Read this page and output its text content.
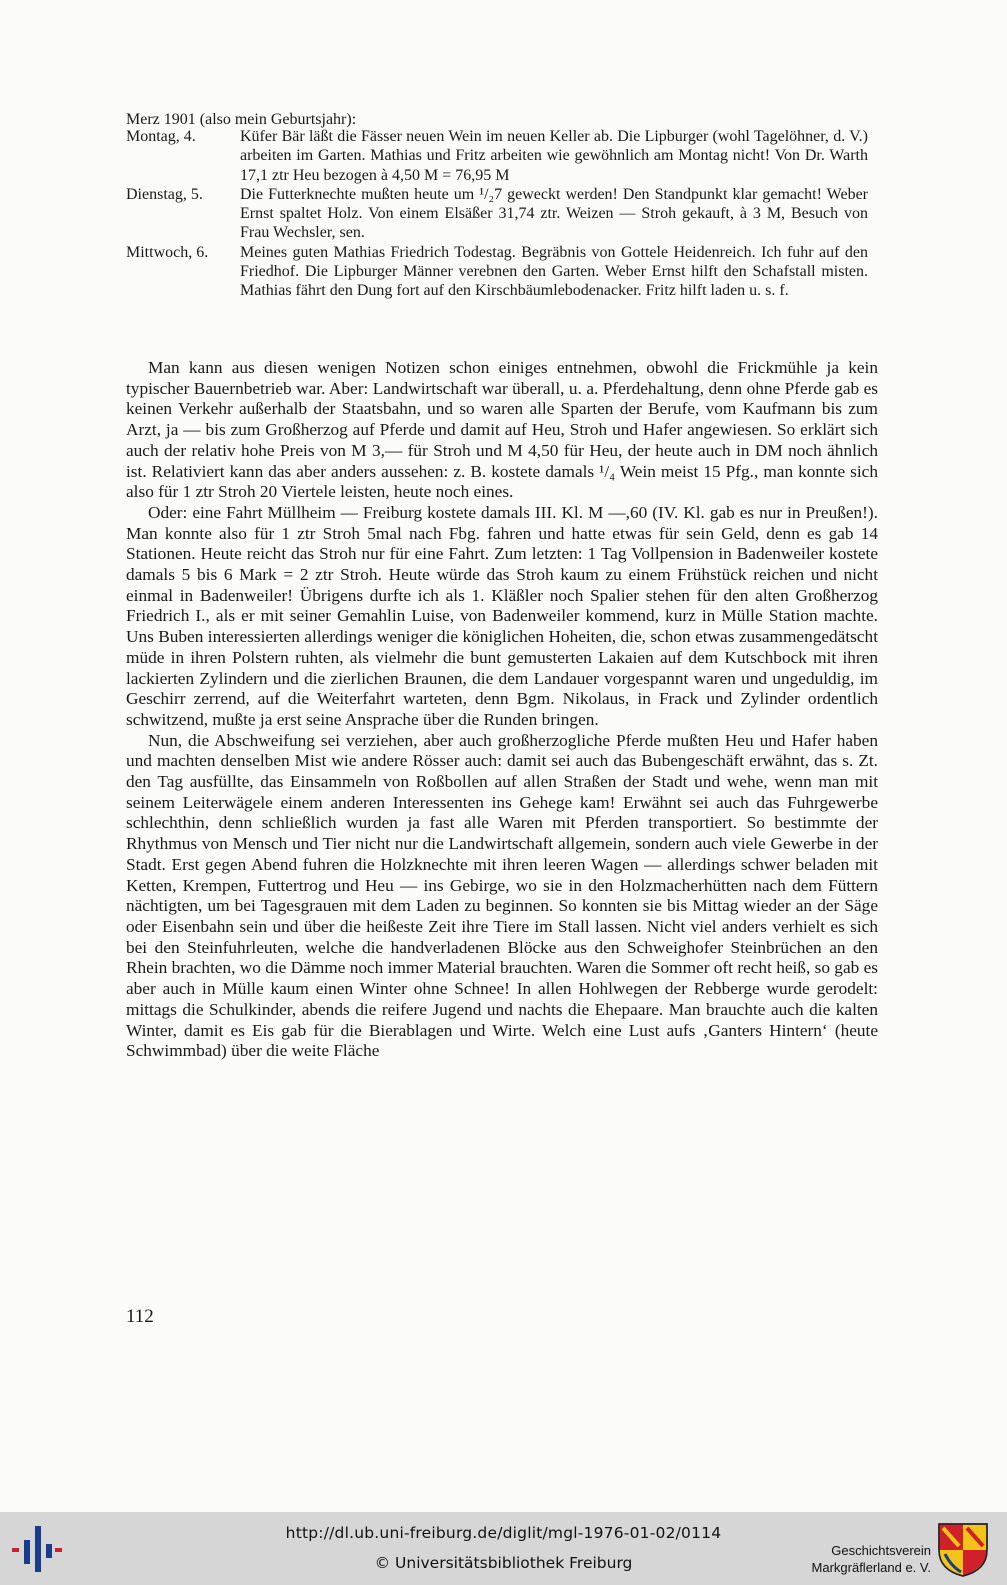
Merz 1901 (also mein Geburtsjahr):
Montag, 4.	Küfer Bär läßt die Fässer neuen Wein im neuen Keller ab. Die Lipburger (wohl Tagelöhner, d. V.) arbeiten im Garten. Mathias und Fritz arbeiten wie gewöhnlich am Montag nicht! Von Dr. Warth 17,1 ztr Heu bezogen à 4,50 M = 76,95 M
Dienstag, 5.	Die Futterknechte mußten heute um ¹/₂7 geweckt werden! Den Standpunkt klar gemacht! Weber Ernst spaltet Holz. Von einem Elsäßer 31,74 ztr. Weizen — Stroh gekauft, à 3 M, Besuch von Frau Wechsler, sen.
Mittwoch, 6.	Meines guten Mathias Friedrich Todestag. Begräbnis von Gottele Heidenreich. Ich fuhr auf den Friedhof. Die Lipburger Männer verebnen den Garten. Weber Ernst hilft den Schafstall misten. Mathias fährt den Dung fort auf den Kirschbäumlebodenacker. Fritz hilft laden u. s. f.

Man kann aus diesen wenigen Notizen schon einiges entnehmen, obwohl die Frickmühle ja kein typischer Bauernbetrieb war. Aber: Landwirtschaft war überall, u. a. Pferdehaltung, denn ohne Pferde gab es keinen Verkehr außerhalb der Staatsbahn, und so waren alle Sparten der Berufe, vom Kaufmann bis zum Arzt, ja — bis zum Großherzog auf Pferde und damit auf Heu, Stroh und Hafer angewiesen. So erklärt sich auch der relativ hohe Preis von M 3,— für Stroh und M 4,50 für Heu, der heute auch in DM noch ähnlich ist. Relativiert kann das aber anders aussehen: z. B. kostete damals ¹/₄ Wein meist 15 Pfg., man konnte sich also für 1 ztr Stroh 20 Viertele leisten, heute noch eines.

Oder: eine Fahrt Müllheim — Freiburg kostete damals III. Kl. M —,60 (IV. Kl. gab es nur in Preußen!). Man konnte also für 1 ztr Stroh 5mal nach Fbg. fahren und hatte etwas für sein Geld, denn es gab 14 Stationen. Heute reicht das Stroh nur für eine Fahrt. Zum letzten: 1 Tag Vollpension in Badenweiler kostete damals 5 bis 6 Mark = 2 ztr Stroh. Heute würde das Stroh kaum zu einem Frühstück reichen und nicht einmal in Badenweiler! Übrigens durfte ich als 1. Kläßler noch Spalier stehen für den alten Großherzog Friedrich I., als er mit seiner Gemahlin Luise, von Badenweiler kommend, kurz in Mülle Station machte. Uns Buben interessierten allerdings weniger die königlichen Hoheiten, die, schon etwas zusammengedätscht müde in ihren Polstern ruhten, als vielmehr die bunt gemusterten Lakaien auf dem Kutschbock mit ihren lackierten Zylindern und die zierlichen Braunen, die dem Landauer vorgespannt waren und ungeduldig, im Geschirr zerrend, auf die Weiterfahrt warteten, denn Bgm. Nikolaus, in Frack und Zylinder ordentlich schwitzend, mußte ja erst seine Ansprache über die Runden bringen.

Nun, die Abschweifung sei verziehen, aber auch großherzogliche Pferde mußten Heu und Hafer haben und machten denselben Mist wie andere Rösser auch: damit sei auch das Bubengeschäft erwähnt, das s. Zt. den Tag ausfüllte, das Einsammeln von Roßbollen auf allen Straßen der Stadt und wehe, wenn man mit seinem Leiterwägele einem anderen Interessenten ins Gehege kam! Erwähnt sei auch das Fuhrgewerbe schlechthin, denn schließlich wurden ja fast alle Waren mit Pferden transportiert. So bestimmte der Rhythmus von Mensch und Tier nicht nur die Landwirtschaft allgemein, sondern auch viele Gewerbe in der Stadt. Erst gegen Abend fuhren die Holzknechte mit ihren leeren Wagen — allerdings schwer beladen mit Ketten, Krempen, Futtertrog und Heu — ins Gebirge, wo sie in den Holzmacherhütten nach dem Füttern nächtigten, um bei Tagesgrauen mit dem Laden zu beginnen. So konnten sie bis Mittag wieder an der Säge oder Eisenbahn sein und über die heißeste Zeit ihre Tiere im Stall lassen. Nicht viel anders verhielt es sich bei den Steinfuhrleuten, welche die handverladenen Blöcke aus den Schweighofer Steinbrüchen an den Rhein brachten, wo die Dämme noch immer Material brauchten. Waren die Sommer oft recht heiß, so gab es aber auch in Mülle kaum einen Winter ohne Schnee! In allen Hohlwegen der Rebberge wurde gerodelt: mittags die Schulkinder, abends die reifere Jugend und nachts die Ehepaare. Man brauchte auch die kalten Winter, damit es Eis gab für die Bierablagen und Wirte. Welch eine Lust aufs ‚Ganters Hintern‘ (heute Schwimmbad) über die weite Fläche

112
http://dl.ub.uni-freiburg.de/diglit/mgl-1976-01-02/0114
© Universitätsbibliothek Freiburg
Geschichtsverein
Markgräflerland e. V.
